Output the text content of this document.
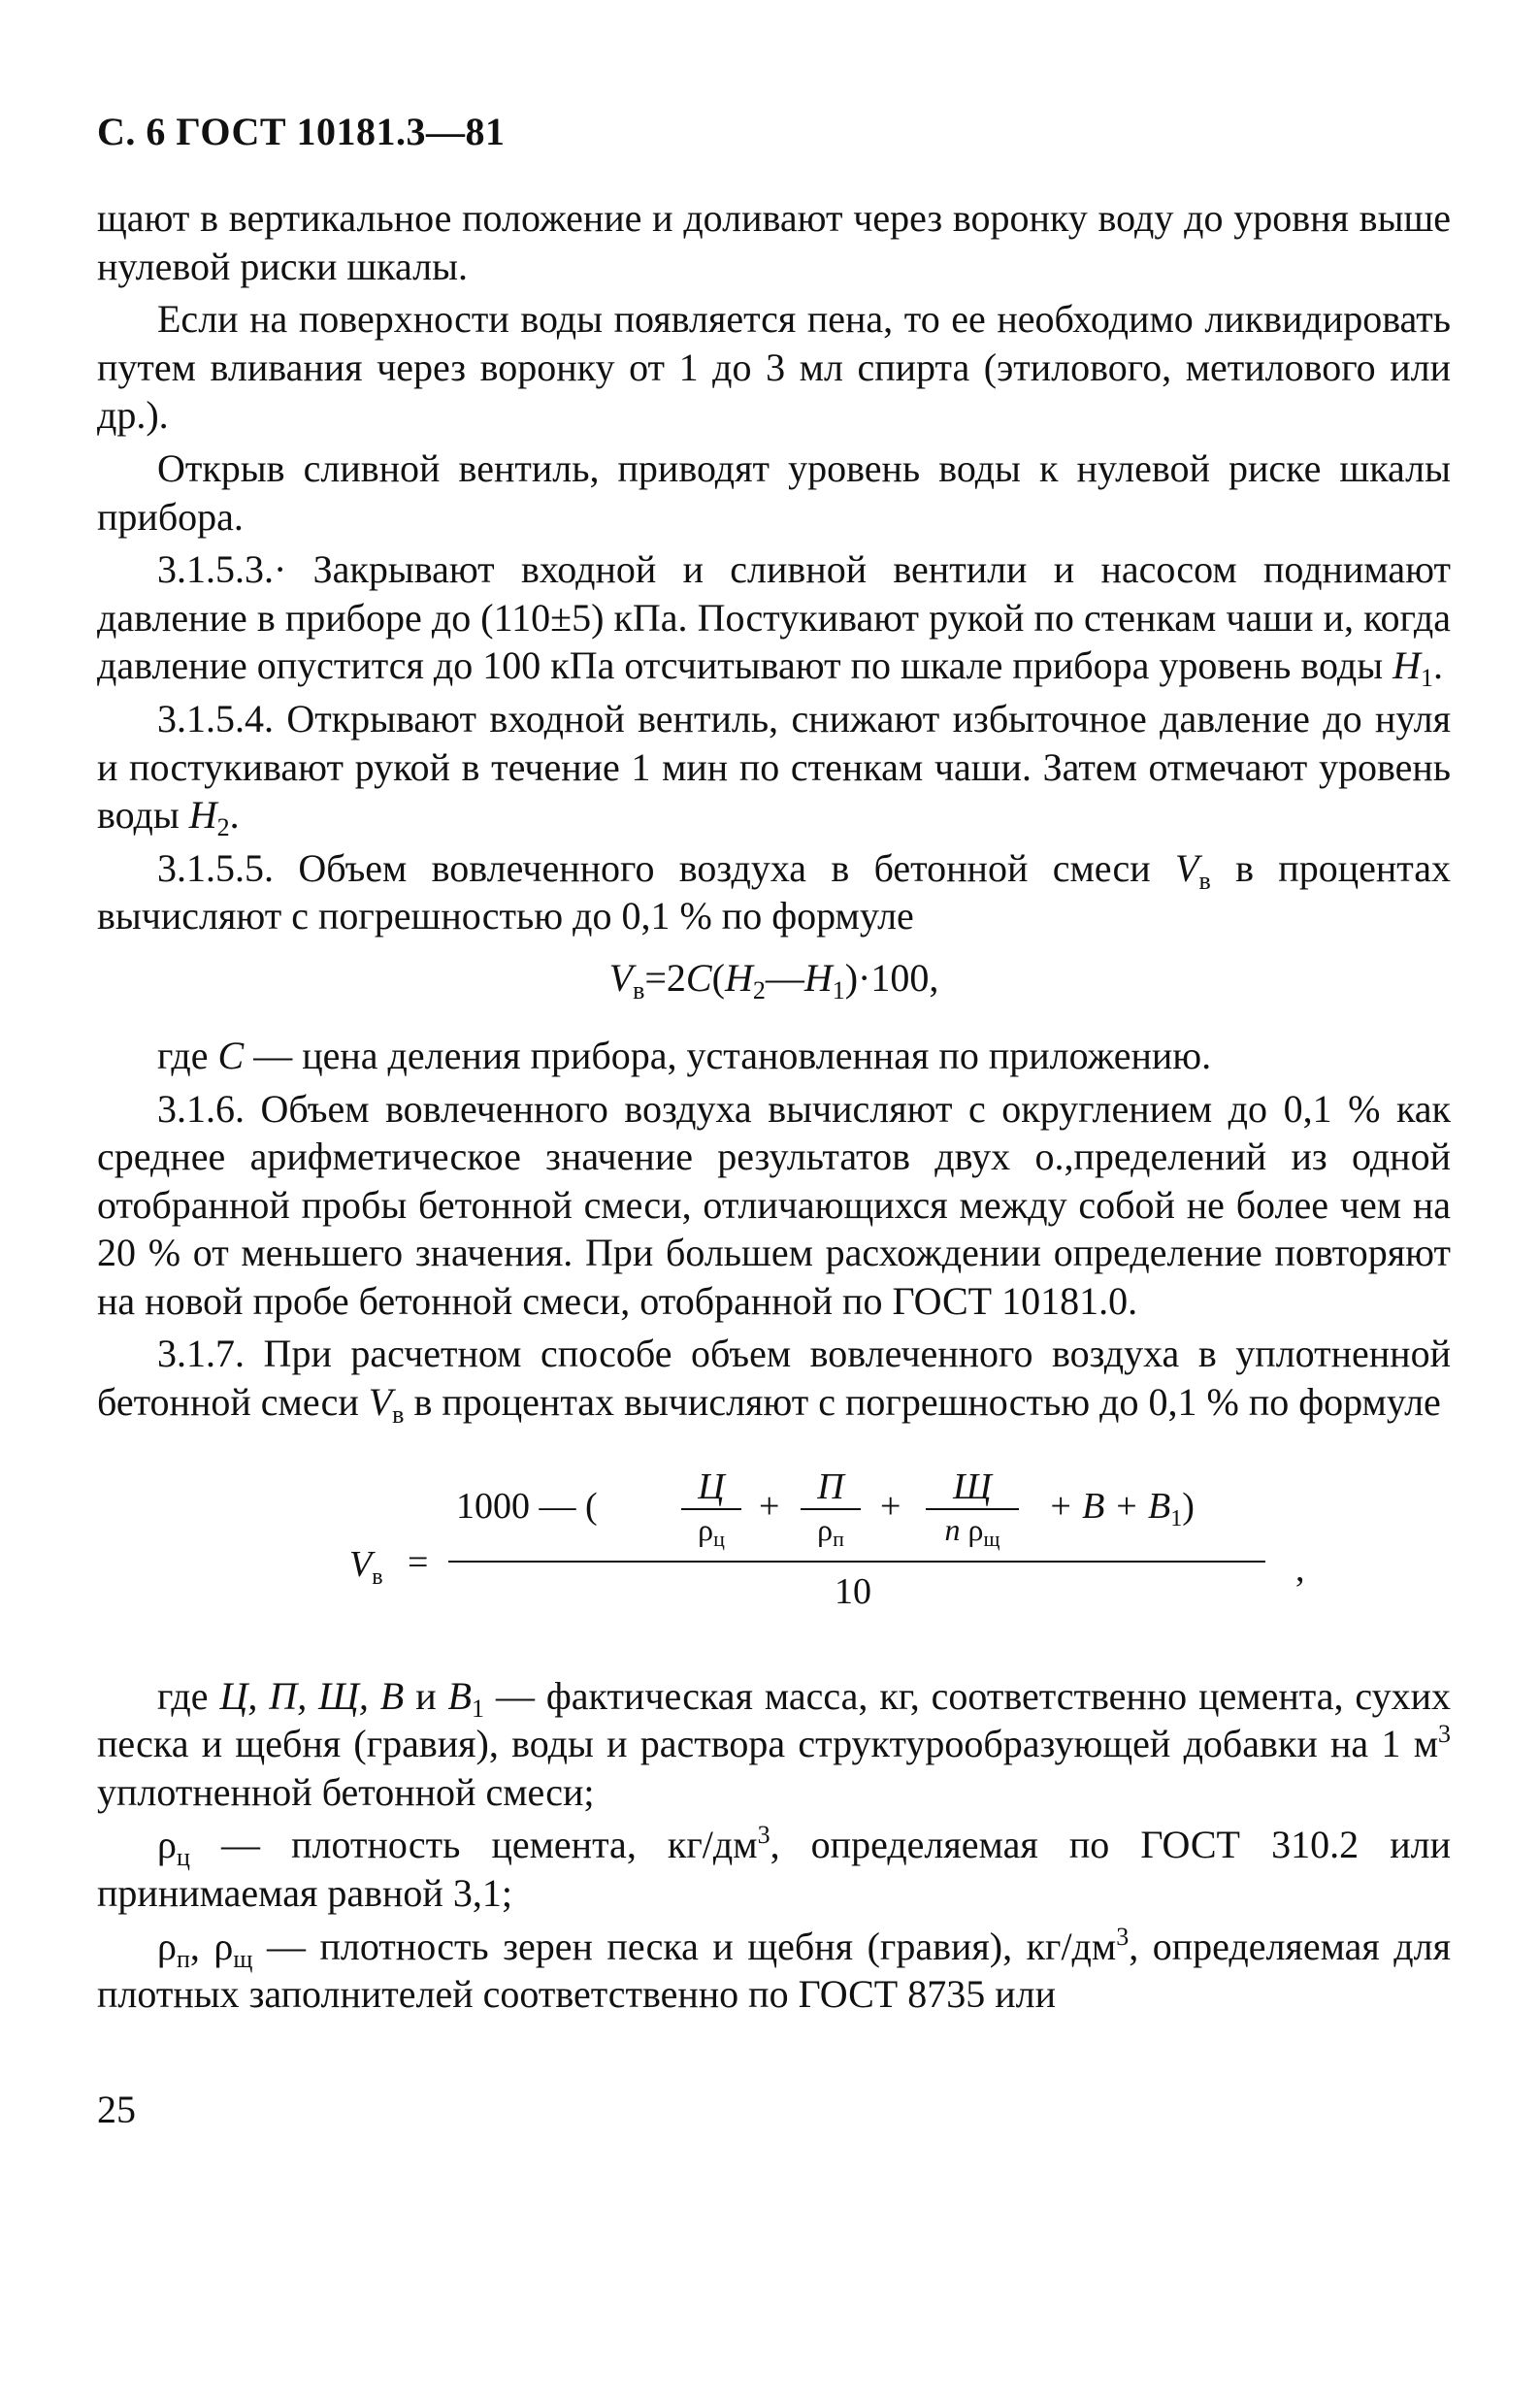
С. 6 ГОСТ 10181.3—81

щают в вертикальное положение и доливают через воронку воду до уровня выше нулевой риски шкалы.

Если на поверхности воды появляется пена, то ее необходимо ликвидировать путем вливания через воронку от 1 до 3 мл спирта (этилового, метилового или др.).

Открыв сливной вентиль, приводят уровень воды к нулевой риске шкалы прибора.

3.1.5.3.· Закрывают входной и сливной вентили и насосом поднимают давление в приборе до (110±5) кПа. Постукивают рукой по стенкам чаши и, когда давление опустится до 100 кПа отсчитывают по шкале прибора уровень воды $H_1$.

3.1.5.4. Открывают входной вентиль, снижают избыточное давление до нуля и постукивают рукой в течение 1 мин по стенкам чаши. Затем отмечают уровень воды $H_2$.

3.1.5.5. Объем вовлеченного воздуха в бетонной смеси $V_в$ в процентах вычисляют с погрешностью до 0,1 % по формуле

$V_в=2C(H_2—H_1)\cdot 100$,

где С — цена деления прибора, установленная по приложению.

3.1.6. Объем вовлеченного воздуха вычисляют с округлением до 0,1 % как среднее арифметическое значение результатов двух о.,пределений из одной отобранной пробы бетонной смеси, отличающихся между собой не более чем на 20 % от меньшего значения. При большем расхождении определение повторяют на новой пробе бетонной смеси, отобранной по ГОСТ 10181.0.

3.1.7. При расчетном способе объем вовлеченного воздуха в уплотненной бетонной смеси $V_в$ в процентах вычисляют с погрешностью до 0,1 % по формуле

$V_в$ =
1000 — (	Ц
$\rho_ц$
+	П
$\rho_п$
+	Щ
n $\rho_щ$
+ $B + B_1$)
10
,

где Ц, П, Щ, В и $В_1$ — фактическая масса, кг, соответственно цемента, сухих песка и щебня (гравия), воды и раствора структурообразующей добавки на 1 $м^3$ уплотненной бетонной смеси;

$\rho_ц$ — плотность цемента, $кг/дм^3$, определяемая по ГОСТ 310.2 или принимаемая равной 3,1;

$\rho_п$, $\rho_щ$ — плотность зерен песка и щебня (гравия), $кг/дм^3$, определяемая для плотных заполнителей соответственно по ГОСТ 8735 или

25
